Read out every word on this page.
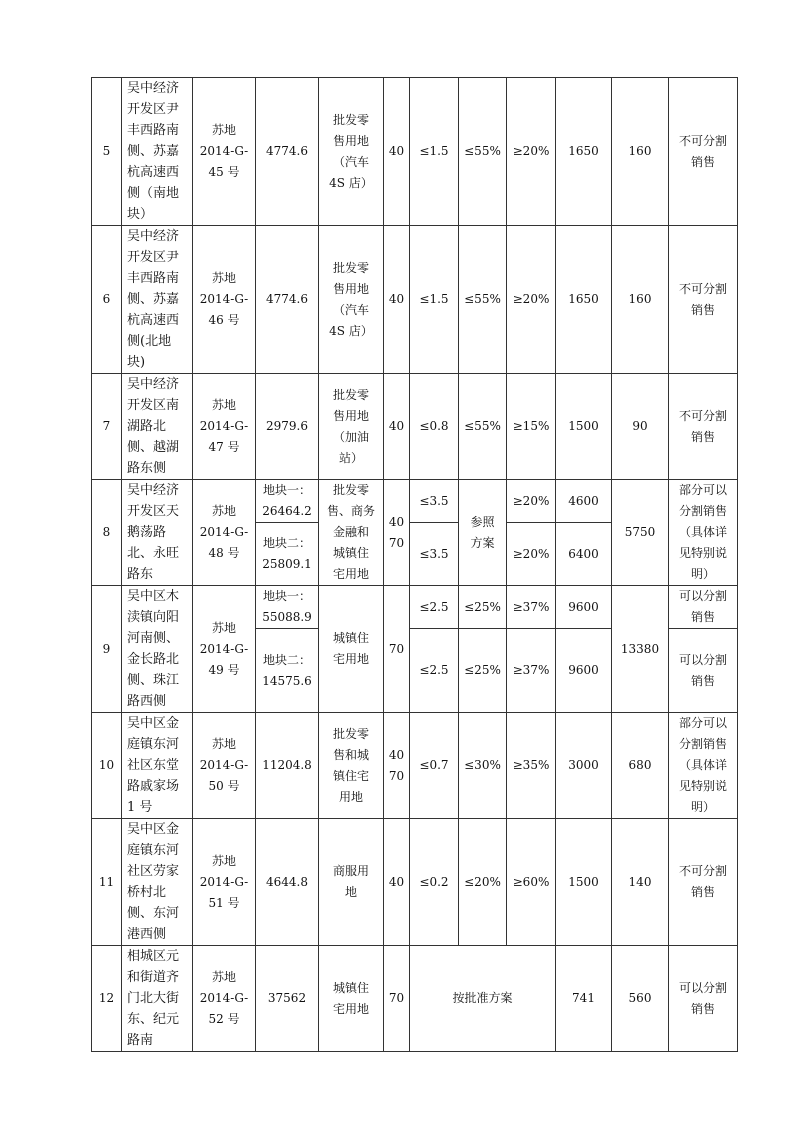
5	吴中经济开发区尹丰西路南侧、苏嘉杭高速西侧（南地块）	苏地
2014-G-
45 号	4774.6	批发零
售用地
（汽车
4S 店）	40	≤1.5	≤55%	≥20%	1650	160	不可分割
销售
6	吴中经济开发区尹丰西路南侧、苏嘉杭高速西侧(北地块)	苏地
2014-G-
46 号	4774.6	批发零
售用地
（汽车
4S 店）	40	≤1.5	≤55%	≥20%	1650	160	不可分割
销售
7	吴中经济开发区南湖路北侧、越湖路东侧	苏地
2014-G-
47 号	2979.6	批发零
售用地
（加油
站）	40	≤0.8	≤55%	≥15%	1500	90	不可分割
销售
8	吴中经济开发区天鹅荡路北、永旺路东	苏地
2014-G-
48 号	地块一：
26464.2	批发零
售、商务
金融和
城镇住
宅用地	40
70	≤3.5	参照
方案	≥20%	4600	5750	部分可以
分割销售
（具体详
见特别说
明）
			地块二：
25809.1			≤3.5		≥20%	6400		
9	吴中区木渎镇向阳河南侧、金长路北侧、珠江路西侧	苏地
2014-G-
49 号	地块一：
55088.9	城镇住
宅用地	70	≤2.5	≤25%	≥37%	9600	13380	可以分割
销售
			地块二：
14575.6			≤2.5	≤25%	≥37%	9600		可以分割
销售
10	吴中区金庭镇东河社区东堂路戚家场 1 号	苏地
2014-G-
50 号	11204.8	批发零
售和城
镇住宅
用地	40
70	≤0.7	≤30%	≥35%	3000	680	部分可以
分割销售
（具体详
见特别说
明）
11	吴中区金庭镇东河社区劳家桥村北侧、东河港西侧	苏地
2014-G-
51 号	4644.8	商服用
地	40	≤0.2	≤20%	≥60%	1500	140	不可分割
销售
12	相城区元和街道齐门北大街东、纪元路南	苏地
2014-G-
52 号	37562	城镇住
宅用地	70	按批准方案			741	560	可以分割
销售
